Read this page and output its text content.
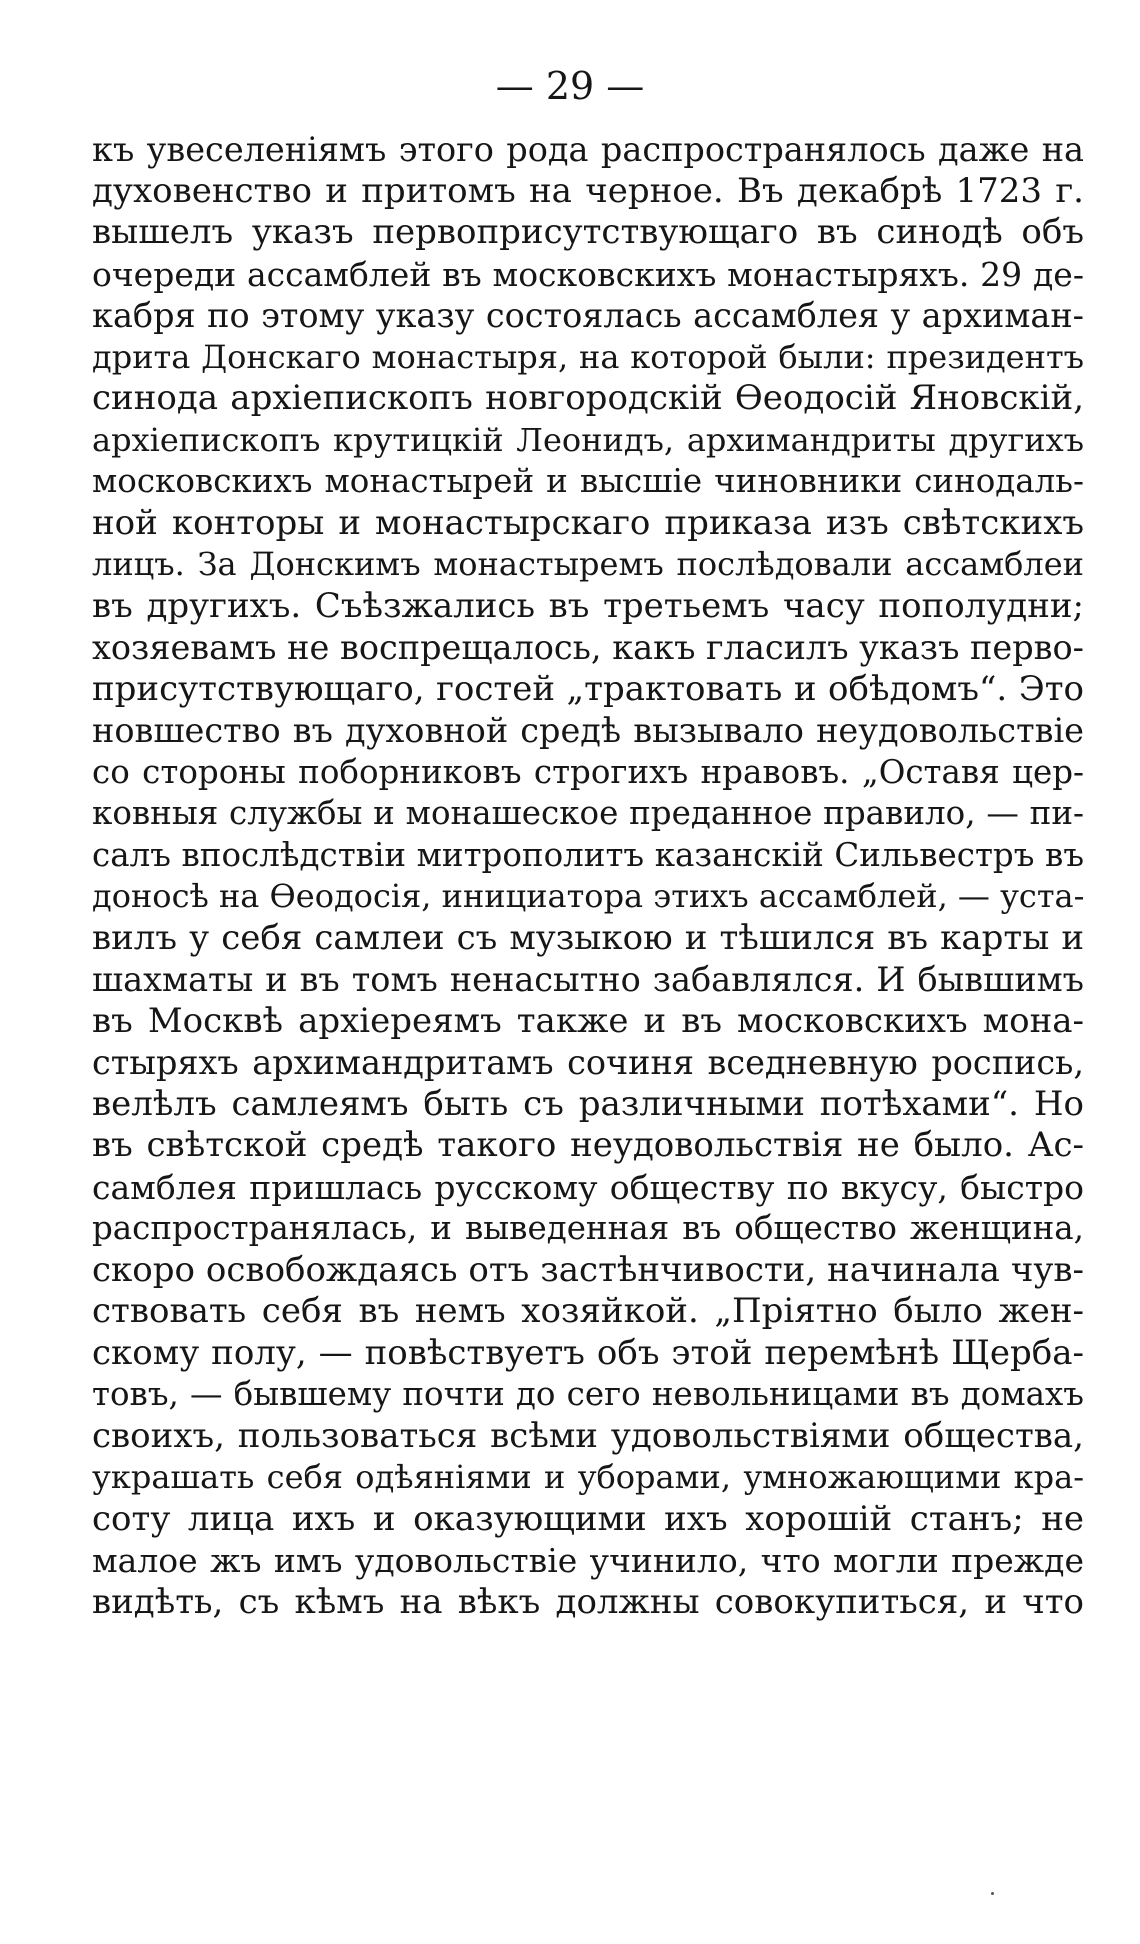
— 29 —
къ увеселеніямъ этого рода распространялось даже на
духовенство и притомъ на черное. Въ декабрѣ 1723 г.
вышелъ указъ первоприсутствующаго въ синодѣ объ
очереди ассамблей въ московскихъ монастыряхъ. 29 де-
кабря по этому указу состоялась ассамблея у архиман-
дрита Донскаго монастыря, на которой были: президентъ
синода архіепископъ новгородскій Ѳеодосій Яновскій,
архіепископъ крутицкій Леонидъ, архимандриты другихъ
московскихъ монастырей и высшіе чиновники синодаль-
ной конторы и монастырскаго приказа изъ свѣтскихъ
лицъ. За Донскимъ монастыремъ послѣдовали ассамблеи
въ другихъ. Съѣзжались въ третьемъ часу пополудни;
хозяевамъ не воспрещалось, какъ гласилъ указъ перво-
присутствующаго, гостей „трактовать и обѣдомъ“. Это
новшество въ духовной средѣ вызывало неудовольствіе
со стороны поборниковъ строгихъ нравовъ. „Оставя цер-
ковныя службы и монашеское преданное правило, — пи-
салъ впослѣдствіи митрополитъ казанскій Сильвестръ въ
доносѣ на Ѳеодосія, инициатора этихъ ассамблей, — уста-
вилъ у себя самлеи съ музыкою и тѣшился въ карты и
шахматы и въ томъ ненасытно забавлялся. И бывшимъ
въ Москвѣ архіереямъ также и въ московскихъ мона-
стыряхъ архимандритамъ сочиня вседневную роспись,
велѣлъ самлеямъ быть съ различными потѣхами“. Но
въ свѣтской средѣ такого неудовольствія не было. Ас-
самблея пришлась русскому обществу по вкусу, быстро
распространялась, и выведенная въ общество женщина,
скоро освобождаясь отъ застѣнчивости, начинала чув-
ствовать себя въ немъ хозяйкой. „Пріятно было жен-
скому полу, — повѣствуетъ объ этой перемѣнѣ Щерба-
товъ, — бывшему почти до сего невольницами въ домахъ
своихъ, пользоваться всѣми удовольствіями общества,
украшать себя одѣяніями и уборами, умножающими кра-
соту лица ихъ и оказующими ихъ хорошій станъ; не
малое жъ имъ удовольствіе учинило, что могли прежде
видѣть, съ кѣмъ на вѣкъ должны совокупиться, и что
